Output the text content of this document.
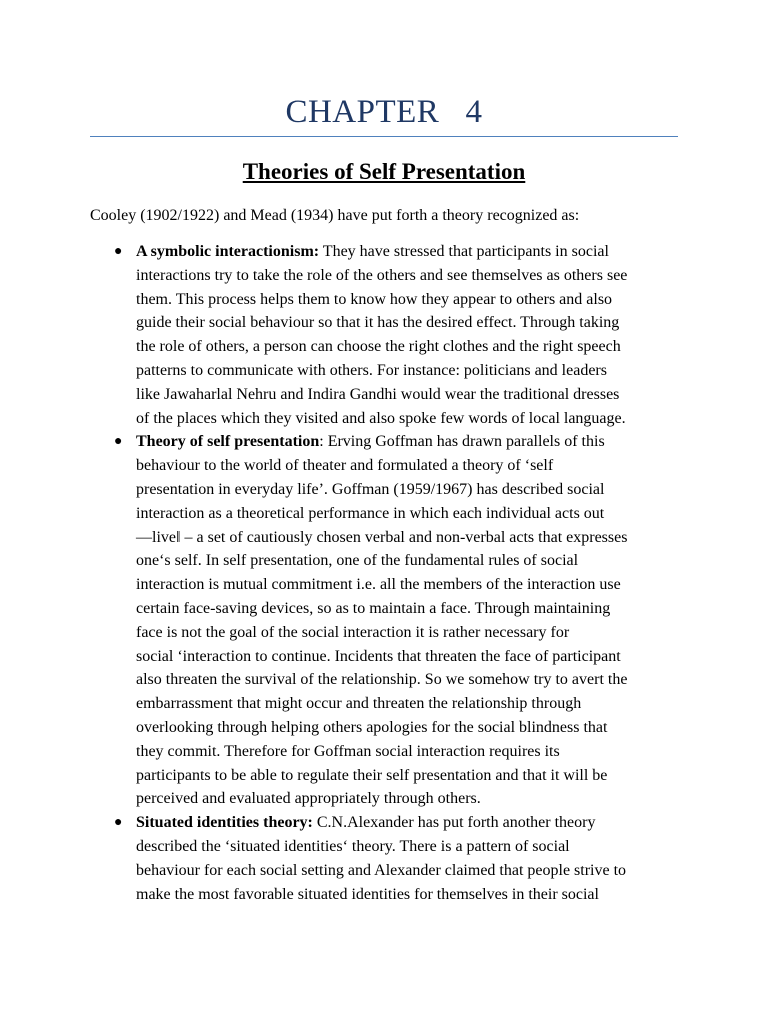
CHAPTER   4
Theories of Self Presentation

Cooley (1902/1922) and Mead (1934) have put forth a theory recognized as:

● A symbolic interactionism: They have stressed that participants in social
interactions try to take the role of the others and see themselves as others see
them. This process helps them to know how they appear to others and also
guide their social behaviour so that it has the desired effect. Through taking
the role of others, a person can choose the right clothes and the right speech
patterns to communicate with others. For instance: politicians and leaders
like Jawaharlal Nehru and Indira Gandhi would wear the traditional dresses
of the places which they visited and also spoke few words of local language.
● Theory of self presentation: Erving Goffman has drawn parallels of this
behaviour to the world of theater and formulated a theory of ‘self
presentation in everyday life’. Goffman (1959/1967) has described social
interaction as a theoretical performance in which each individual acts out
—live‖ – a set of cautiously chosen verbal and non-verbal acts that expresses
one‘s self. In self presentation, one of the fundamental rules of social
interaction is mutual commitment i.e. all the members of the interaction use
certain face-saving devices, so as to maintain a face. Through maintaining
face is not the goal of the social interaction it is rather necessary for
social ‘interaction to continue. Incidents that threaten the face of participant
also threaten the survival of the relationship. So we somehow try to avert the
embarrassment that might occur and threaten the relationship through
overlooking through helping others apologies for the social blindness that
they commit. Therefore for Goffman social interaction requires its
participants to be able to regulate their self presentation and that it will be
perceived and evaluated appropriately through others.
● Situated identities theory: C.N.Alexander has put forth another theory
described the ‘situated identities‘ theory. There is a pattern of social
behaviour for each social setting and Alexander claimed that people strive to
make the most favorable situated identities for themselves in their social
